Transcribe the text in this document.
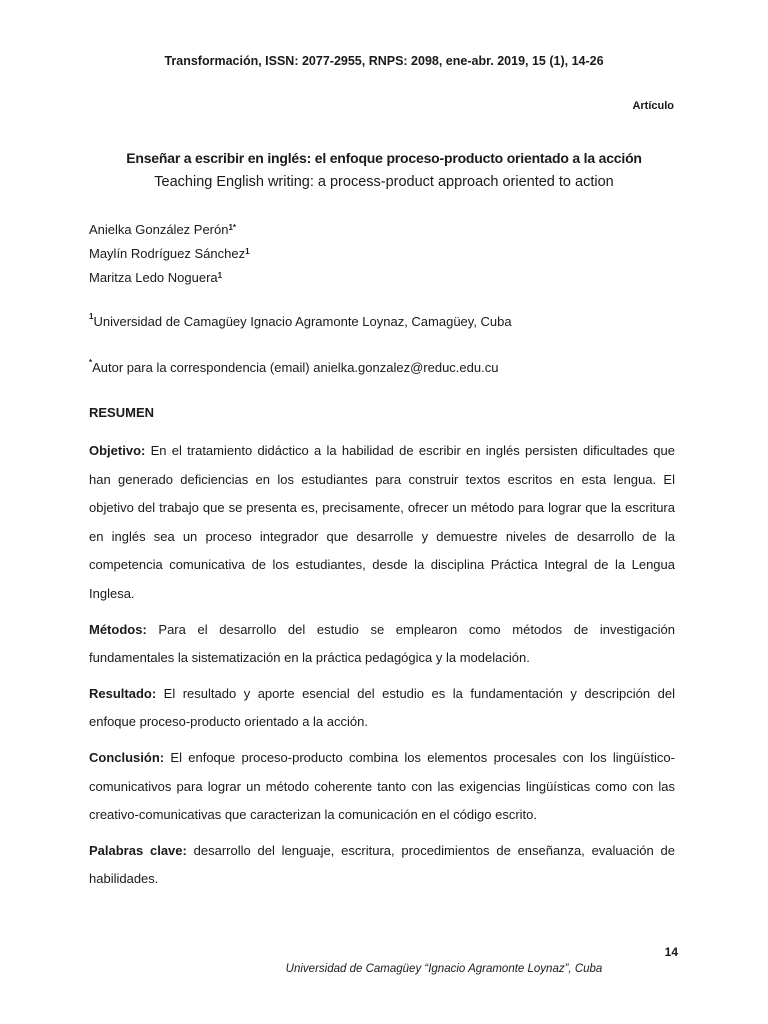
Transformación, ISSN: 2077-2955, RNPS: 2098, ene-abr. 2019, 15 (1), 14-26
Artículo
Enseñar a escribir en inglés: el enfoque proceso-producto orientado a la acción
Teaching English writing: a process-product approach oriented to action
Anielka González Perón$^{1*}$
Maylín Rodríguez Sánchez$^1$
Maritza Ledo Noguera$^1$
$^1$Universidad de Camagüey Ignacio Agramonte Loynaz, Camagüey, Cuba
*Autor para la correspondencia (email) anielka.gonzalez@reduc.edu.cu
RESUMEN

Objetivo: En el tratamiento didáctico a la habilidad de escribir en inglés persisten dificultades que han generado deficiencias en los estudiantes para construir textos escritos en esta lengua. El objetivo del trabajo que se presenta es, precisamente, ofrecer un método para lograr que la escritura en inglés sea un proceso integrador que desarrolle y demuestre niveles de desarrollo de la competencia comunicativa de los estudiantes, desde la disciplina Práctica Integral de la Lengua Inglesa.

Métodos: Para el desarrollo del estudio se emplearon como métodos de investigación fundamentales la sistematización en la práctica pedagógica y la modelación.

Resultado: El resultado y aporte esencial del estudio es la fundamentación y descripción del enfoque proceso-producto orientado a la acción.

Conclusión: El enfoque proceso-producto combina los elementos procesales con los lingüístico-comunicativos para lograr un método coherente tanto con las exigencias lingüísticas como con las creativo-comunicativas que caracterizan la comunicación en el código escrito.

Palabras clave: desarrollo del lenguaje, escritura, procedimientos de enseñanza, evaluación de habilidades.

14
Universidad de Camagüey “Ignacio Agramonte Loynaz”, Cuba
